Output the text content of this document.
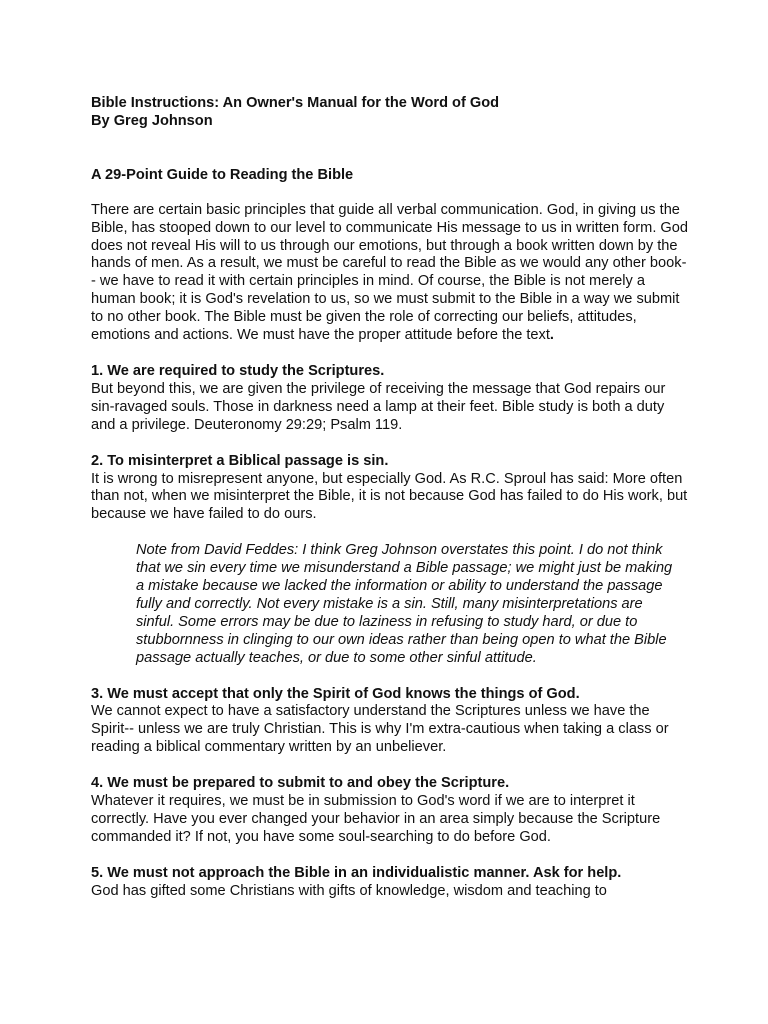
Bible Instructions: An Owner's Manual for the Word of God
By Greg Johnson
A 29-Point Guide to Reading the Bible
There are certain basic principles that guide all verbal communication. God, in giving us the Bible, has stooped down to our level to communicate His message to us in written form. God does not reveal His will to us through our emotions, but through a book written down by the hands of men. As a result, we must be careful to read the Bible as we would any other book-- we have to read it with certain principles in mind. Of course, the Bible is not merely a human book; it is God's revelation to us, so we must submit to the Bible in a way we submit to no other book. The Bible must be given the role of correcting our beliefs, attitudes, emotions and actions. We must have the proper attitude before the text.
1. We are required to study the Scriptures.
But beyond this, we are given the privilege of receiving the message that God repairs our sin-ravaged souls. Those in darkness need a lamp at their feet. Bible study is both a duty and a privilege. Deuteronomy 29:29; Psalm 119.
2. To misinterpret a Biblical passage is sin.
It is wrong to misrepresent anyone, but especially God. As R.C. Sproul has said: More often than not, when we misinterpret the Bible, it is not because God has failed to do His work, but because we have failed to do ours.
Note from David Feddes: I think Greg Johnson overstates this point. I do not think that we sin every time we misunderstand a Bible passage; we might just be making a mistake because we lacked the information or ability to understand the passage fully and correctly. Not every mistake is a sin. Still, many misinterpretations are sinful. Some errors may be due to laziness in refusing to study hard, or due to stubbornness in clinging to our own ideas rather than being open to what the Bible passage actually teaches, or due to some other sinful attitude.
3. We must accept that only the Spirit of God knows the things of God.
We cannot expect to have a satisfactory understand the Scriptures unless we have the Spirit-- unless we are truly Christian. This is why I'm extra-cautious when taking a class or reading a biblical commentary written by an unbeliever.
4. We must be prepared to submit to and obey the Scripture.
Whatever it requires, we must be in submission to God's word if we are to interpret it correctly. Have you ever changed your behavior in an area simply because the Scripture commanded it? If not, you have some soul-searching to do before God.
5. We must not approach the Bible in an individualistic manner. Ask for help.
God has gifted some Christians with gifts of knowledge, wisdom and teaching to
